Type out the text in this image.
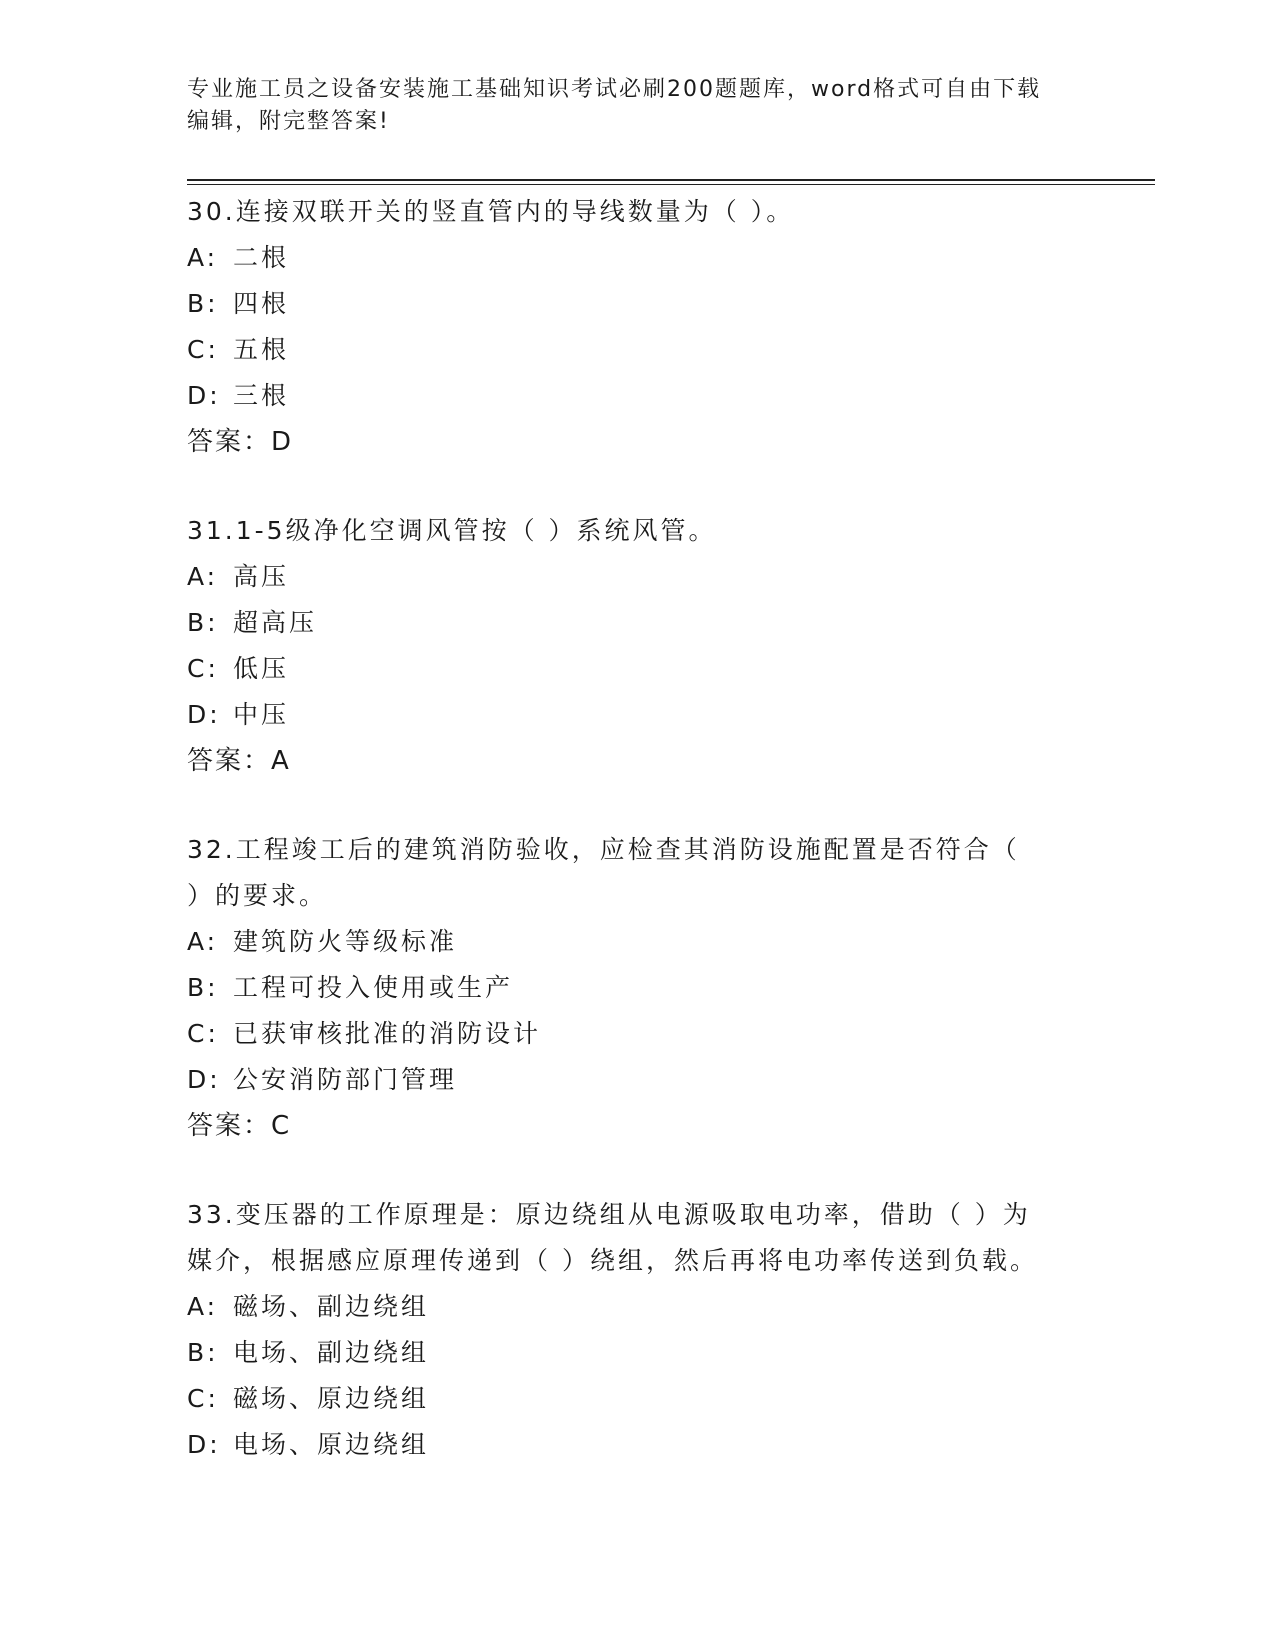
专业施工员之设备安装施工基础知识考试必刷200题题库，word格式可自由下载
编辑，附完整答案!

30.连接双联开关的竖直管内的导线数量为（ ）。

A: 二根

B: 四根

C: 五根

D: 三根

答案：D

31.1-5级净化空调风管按（ ）系统风管。

A: 高压

B: 超高压

C: 低压

D: 中压

答案：A

32.工程竣工后的建筑消防验收，应检查其消防设施配置是否符合（

）的要求。

A: 建筑防火等级标准

B: 工程可投入使用或生产

C: 已获审核批准的消防设计

D: 公安消防部门管理

答案：C

33.变压器的工作原理是：原边绕组从电源吸取电功率，借助（ ）为

媒介，根据感应原理传递到（ ）绕组，然后再将电功率传送到负载。

A: 磁场、副边绕组

B: 电场、副边绕组

C: 磁场、原边绕组

D: 电场、原边绕组
